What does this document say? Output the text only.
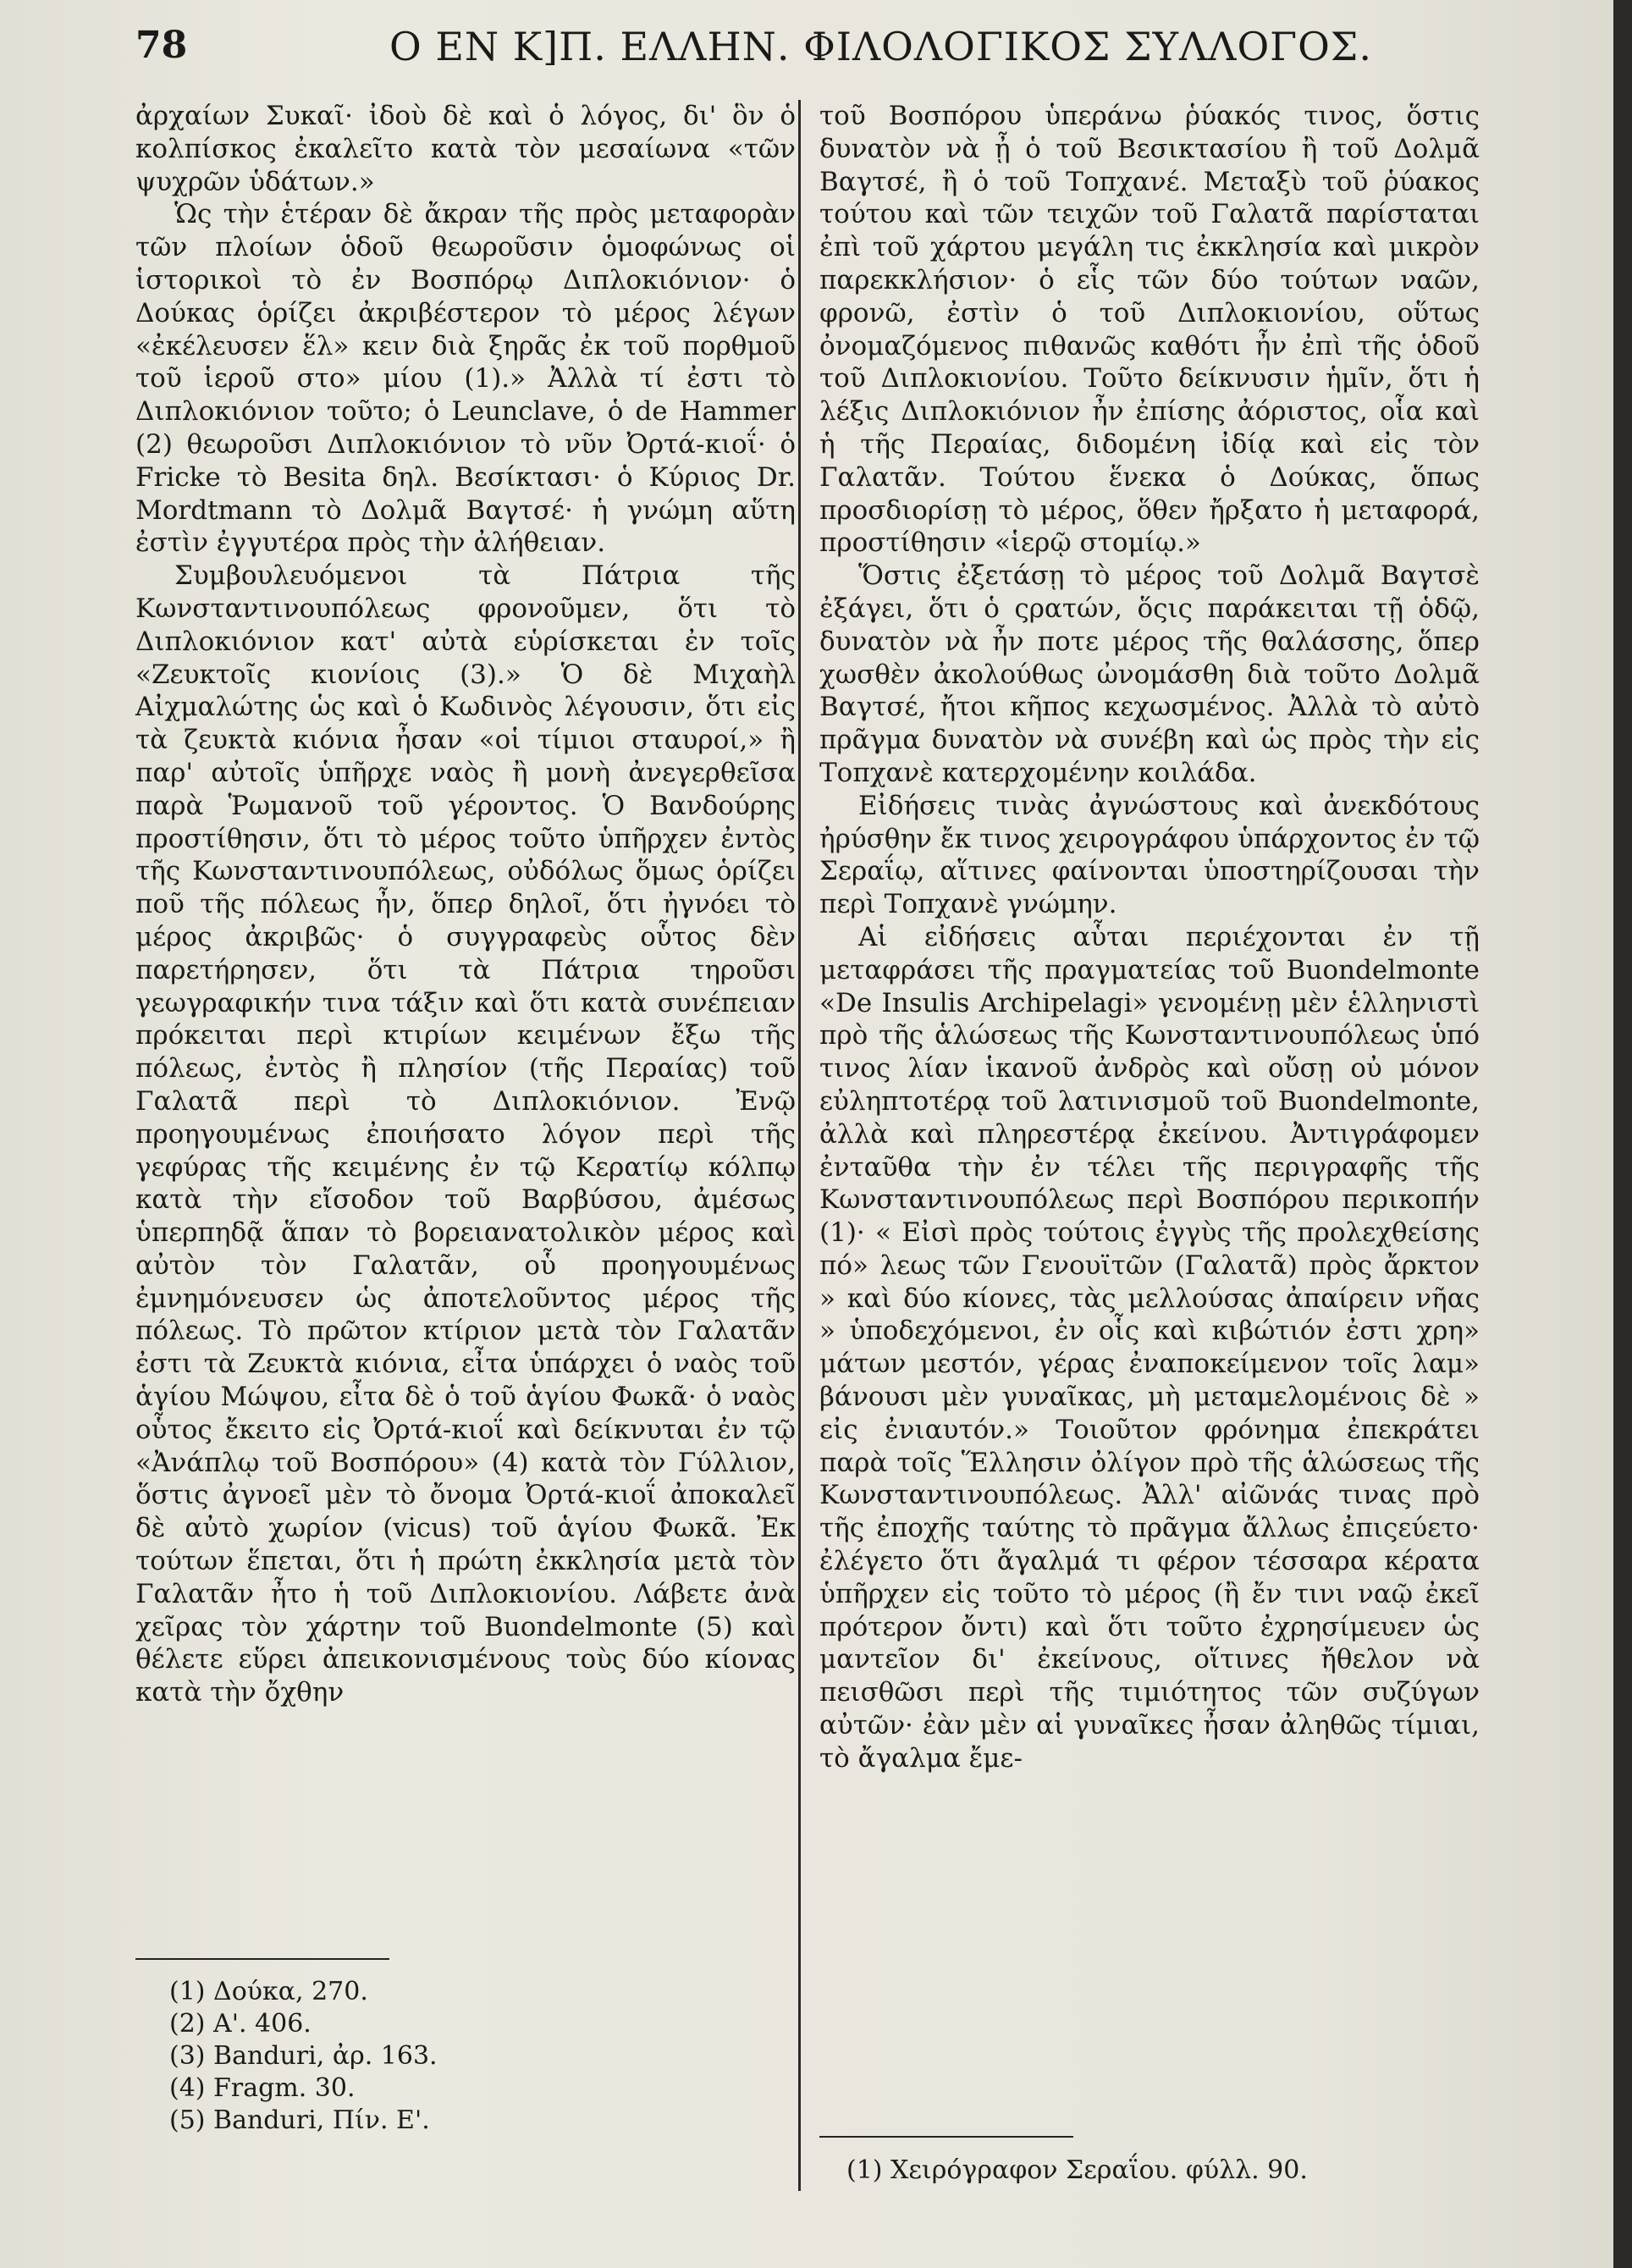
78	Ο ΕΝ Κ]Π. ΕΛΛΗΝ. ΦΙΛΟΛΟΓΙΚΟΣ ΣΥΛΛΟΓΟΣ.

ἀρχαίων Συκαῖ· ἰδοὺ δὲ καὶ ὁ λόγος, δι' ὃν ὁ κολπίσκος ἐκαλεῖτο κατὰ τὸν μεσαίωνα «τῶν ψυχρῶν ὑδάτων.»

Ὡς τὴν ἑτέραν δὲ ἄκραν τῆς πρὸς μεταφορὰν τῶν πλοίων ὁδοῦ θεωροῦσιν ὁμοφώνως οἱ ἱστορικοὶ τὸ ἐν Βοσπόρῳ Διπλοκιόνιον· ὁ Δούκας ὁρίζει ἀκριβέστερον τὸ μέρος λέγων «ἐκέλευσεν ἕλ» κειν διὰ ξηρᾶς ἐκ τοῦ πορθμοῦ τοῦ ἱεροῦ στο» μίου (1).» Ἀλλὰ τί ἐστι τὸ Διπλοκιόνιον τοῦτο; ὁ Leunclave, ὁ de Hammer (2) θεωροῦσι Διπλοκιόνιον τὸ νῦν Ὀρτά-κιοΐ· ὁ Fricke τὸ Besita δηλ. Βεσίκτασι· ὁ Κύριος Dr. Mordtmann τὸ Δολμᾶ Βαγτσέ· ἡ γνώμη αὕτη ἐστὶν ἐγγυτέρα πρὸς τὴν ἀλήθειαν.

Συμβουλευόμενοι τὰ Πάτρια τῆς Κωνσταντινουπόλεως φρονοῦμεν, ὅτι τὸ Διπλοκιόνιον κατ' αὐτὰ εὑρίσκεται ἐν τοῖς «Ζευκτοῖς κιονίοις (3).» Ὁ δὲ Μιχαὴλ Αἰχμαλώτης ὡς καὶ ὁ Κωδινὸς λέγουσιν, ὅτι εἰς τὰ ζευκτὰ κιόνια ἦσαν «οἱ τίμιοι σταυροί,» ἢ παρ' αὐτοῖς ὑπῆρχε ναὸς ἢ μονὴ ἀνεγερθεῖσα παρὰ Ῥωμανοῦ τοῦ γέροντος. Ὁ Βανδούρης προστίθησιν, ὅτι τὸ μέρος τοῦτο ὑπῆρχεν ἐντὸς τῆς Κωνσταντινουπόλεως, οὐδόλως ὅμως ὁρίζει ποῦ τῆς πόλεως ἦν, ὅπερ δηλοῖ, ὅτι ἠγνόει τὸ μέρος ἀκριβῶς· ὁ συγγραφεὺς οὗτος δὲν παρετήρησεν, ὅτι τὰ Πάτρια τηροῦσι γεωγραφικήν τινα τάξιν καὶ ὅτι κατὰ συνέπειαν πρόκειται περὶ κτιρίων κειμένων ἔξω τῆς πόλεως, ἐντὸς ἢ πλησίον (τῆς Περαίας) τοῦ Γαλατᾶ περὶ τὸ Διπλοκιόνιον. Ἐνῷ προηγουμένως ἐποιήσατο λόγον περὶ τῆς γεφύρας τῆς κειμένης ἐν τῷ Κερατίῳ κόλπῳ κατὰ τὴν εἴσοδον τοῦ Βαρβύσου, ἀμέσως ὑπερπηδᾷ ἅπαν τὸ βορειανατολικὸν μέρος καὶ αὐτὸν τὸν Γαλατᾶν, οὗ προηγουμένως ἐμνημόνευσεν ὡς ἀποτελοῦντος μέρος τῆς πόλεως. Τὸ πρῶτον κτίριον μετὰ τὸν Γαλατᾶν ἐστι τὰ Ζευκτὰ κιόνια, εἶτα ὑπάρχει ὁ ναὸς τοῦ ἁγίου Μώψου, εἶτα δὲ ὁ τοῦ ἁγίου Φωκᾶ· ὁ ναὸς οὗτος ἔκειτο εἰς Ὀρτά-κιοΐ καὶ δείκνυται ἐν τῷ «Ἀνάπλῳ τοῦ Βοσπόρου» (4) κατὰ τὸν Γύλλιον, ὅστις ἀγνοεῖ μὲν τὸ ὄνομα Ὀρτά-κιοΐ ἀποκαλεῖ δὲ αὐτὸ χωρίον (vicus) τοῦ ἁγίου Φωκᾶ. Ἐκ τούτων ἕπεται, ὅτι ἡ πρώτη ἐκκλησία μετὰ τὸν Γαλατᾶν ἦτο ἡ τοῦ Διπλοκιονίου. Λάβετε ἀνὰ χεῖρας τὸν χάρτην τοῦ Buondelmonte (5) καὶ θέλετε εὕρει ἀπεικονισμένους τοὺς δύο κίονας κατὰ τὴν ὄχθην

τοῦ Βοσπόρου ὑπεράνω ῥύακός τινος, ὅστις δυνατὸν νὰ ᾖ ὁ τοῦ Βεσικτασίου ἢ τοῦ Δολμᾶ Βαγτσέ, ἢ ὁ τοῦ Τοπχανέ. Μεταξὺ τοῦ ῥύακος τούτου καὶ τῶν τειχῶν τοῦ Γαλατᾶ παρίσταται ἐπὶ τοῦ χάρτου μεγάλη τις ἐκκλησία καὶ μικρὸν παρεκκλήσιον· ὁ εἷς τῶν δύο τούτων ναῶν, φρονῶ, ἐστὶν ὁ τοῦ Διπλοκιονίου, οὕτως ὀνομαζόμενος πιθανῶς καθότι ἦν ἐπὶ τῆς ὁδοῦ τοῦ Διπλοκιονίου. Τοῦτο δείκνυσιν ἡμῖν, ὅτι ἡ λέξις Διπλοκιόνιον ἦν ἐπίσης ἀόριστος, οἷα καὶ ἡ τῆς Περαίας, διδομένη ἰδίᾳ καὶ εἰς τὸν Γαλατᾶν. Τούτου ἕνεκα ὁ Δούκας, ὅπως προσδιορίσῃ τὸ μέρος, ὅθεν ἤρξατο ἡ μεταφορά, προστίθησιν «ἱερῷ στομίῳ.»

Ὅστις ἐξετάσῃ τὸ μέρος τοῦ Δολμᾶ Βαγτσὲ ἐξάγει, ὅτι ὁ ςρατών, ὅςις παράκειται τῇ ὁδῷ, δυνατὸν νὰ ἦν ποτε μέρος τῆς θαλάσσης, ὅπερ χωσθὲν ἀκολούθως ὠνομάσθη διὰ τοῦτο Δολμᾶ Βαγτσέ, ἤτοι κῆπος κεχωσμένος. Ἀλλὰ τὸ αὐτὸ πρᾶγμα δυνατὸν νὰ συνέβη καὶ ὡς πρὸς τὴν εἰς Τοπχανὲ κατερχομένην κοιλάδα.

Εἰδήσεις τινὰς ἀγνώστους καὶ ἀνεκδότους ἠρύσθην ἔκ τινος χειρογράφου ὑπάρχοντος ἐν τῷ Σεραΐῳ, αἵτινες φαίνονται ὑποστηρίζουσαι τὴν περὶ Τοπχανὲ γνώμην.

Αἱ εἰδήσεις αὗται περιέχονται ἐν τῇ μεταφράσει τῆς πραγματείας τοῦ Buondelmonte «De Insulis Archipelagi» γενομένῃ μὲν ἑλληνιστὶ πρὸ τῆς ἁλώσεως τῆς Κωνσταντινουπόλεως ὑπό τινος λίαν ἱκανοῦ ἀνδρὸς καὶ οὔσῃ οὐ μόνον εὐληπτοτέρᾳ τοῦ λατινισμοῦ τοῦ Buondelmonte, ἀλλὰ καὶ πληρεστέρᾳ ἐκείνου. Ἀντιγράφομεν ἐνταῦθα τὴν ἐν τέλει τῆς περιγραφῆς τῆς Κωνσταντινουπόλεως περὶ Βοσπόρου περικοπήν (1)· « Εἰσὶ πρὸς τούτοις ἐγγὺς τῆς προλεχθείσης πό» λεως τῶν Γενουϊτῶν (Γαλατᾶ) πρὸς ἄρκτον » καὶ δύο κίονες, τὰς μελλούσας ἀπαίρειν νῆας » ὑποδεχόμενοι, ἐν οἷς καὶ κιβώτιόν ἐστι χρη» μάτων μεστόν, γέρας ἐναποκείμενον τοῖς λαμ» βάνουσι μὲν γυναῖκας, μὴ μεταμελομένοις δὲ » εἰς ἐνιαυτόν.» Τοιοῦτον φρόνημα ἐπεκράτει παρὰ τοῖς Ἕλλησιν ὀλίγον πρὸ τῆς ἁλώσεως τῆς Κωνσταντινουπόλεως. Ἀλλ' αἰῶνάς τινας πρὸ τῆς ἐποχῆς ταύτης τὸ πρᾶγμα ἄλλως ἐπιςεύετο· ἐλέγετο ὅτι ἄγαλμά τι φέρον τέσσαρα κέρατα ὑπῆρχεν εἰς τοῦτο τὸ μέρος (ἢ ἔν τινι ναῷ ἐκεῖ πρότερον ὄντι) καὶ ὅτι τοῦτο ἐχρησίμευεν ὡς μαντεῖον δι' ἐκείνους, οἵτινες ἤθελον νὰ πεισθῶσι περὶ τῆς τιμιότητος τῶν συζύγων αὐτῶν· ἐὰν μὲν αἱ γυναῖκες ἦσαν ἀληθῶς τίμιαι, τὸ ἄγαλμα ἔμε-

(1) Δούκα, 270.

(2) Α'. 406.

(3) Banduri, ἀρ. 163.

(4) Fragm. 30.

(5) Banduri, Πίν. Ε'.

(1) Χειρόγραφον Σεραΐου. φύλλ. 90.
